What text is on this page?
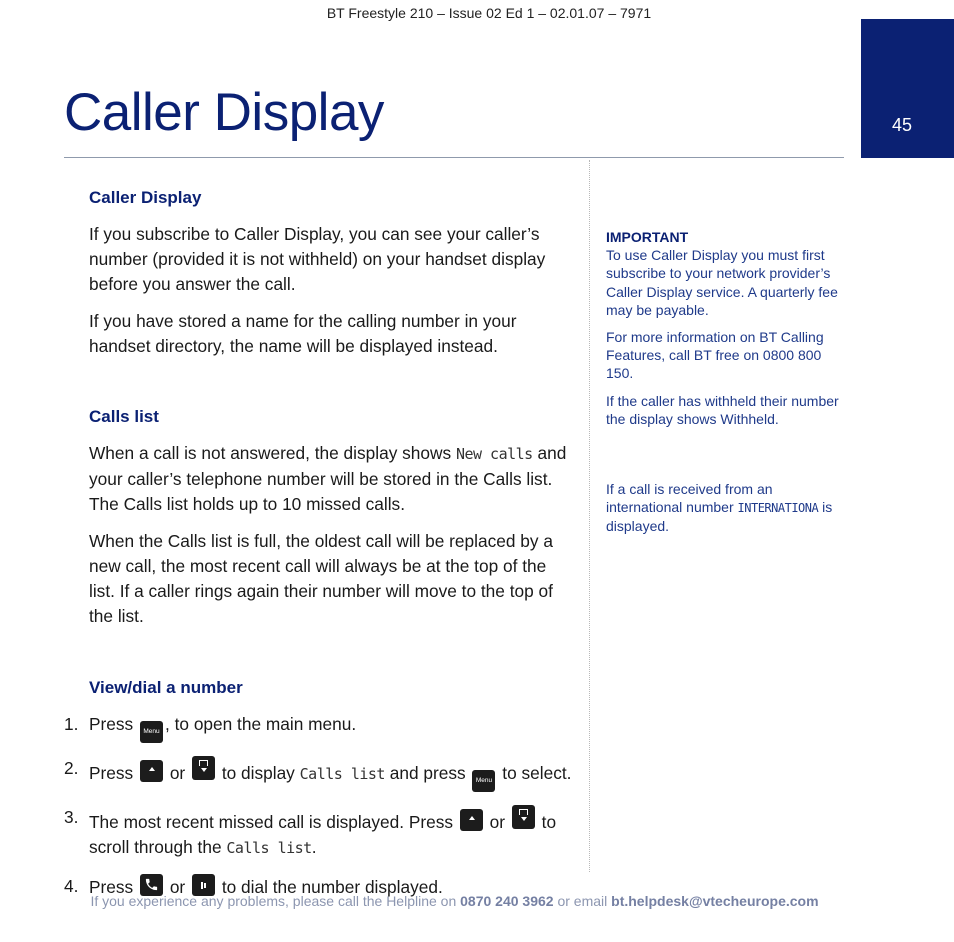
BT Freestyle 210 – Issue 02 Ed 1 – 02.01.07 – 7971
45
Caller Display
Caller Display

If you subscribe to Caller Display, you can see your caller’s number (provided it is not withheld) on your handset display before you answer the call.

If you have stored a name for the calling number in your handset directory, the name will be displayed instead.

Calls list

When a call is not answered, the display shows New calls and your caller’s telephone number will be stored in the Calls list. The Calls list holds up to 10 missed calls.

When the Calls list is full, the oldest call will be replaced by a new call, the most recent call will always be at the top of the list. If a caller rings again their number will move to the top of the list.

View/dial a number
1. Press Menu , to open the main menu.
2. Press or to display Calls list and press Menu to select.
3. The most recent missed call is displayed. Press or to scroll through the Calls list.
4. Press or to dial the number displayed.

IMPORTANT
To use Caller Display you must first subscribe to your network provider’s Caller Display service. A quarterly fee may be payable.

For more information on BT Calling Features, call BT free on 0800 800 150.

If the caller has withheld their number the display shows Withheld.

If a call is received from an international number INTERNATIONA is displayed.

If you experience any problems, please call the Helpline on 0870 240 3962 or email bt.helpdesk@vtecheurope.com
